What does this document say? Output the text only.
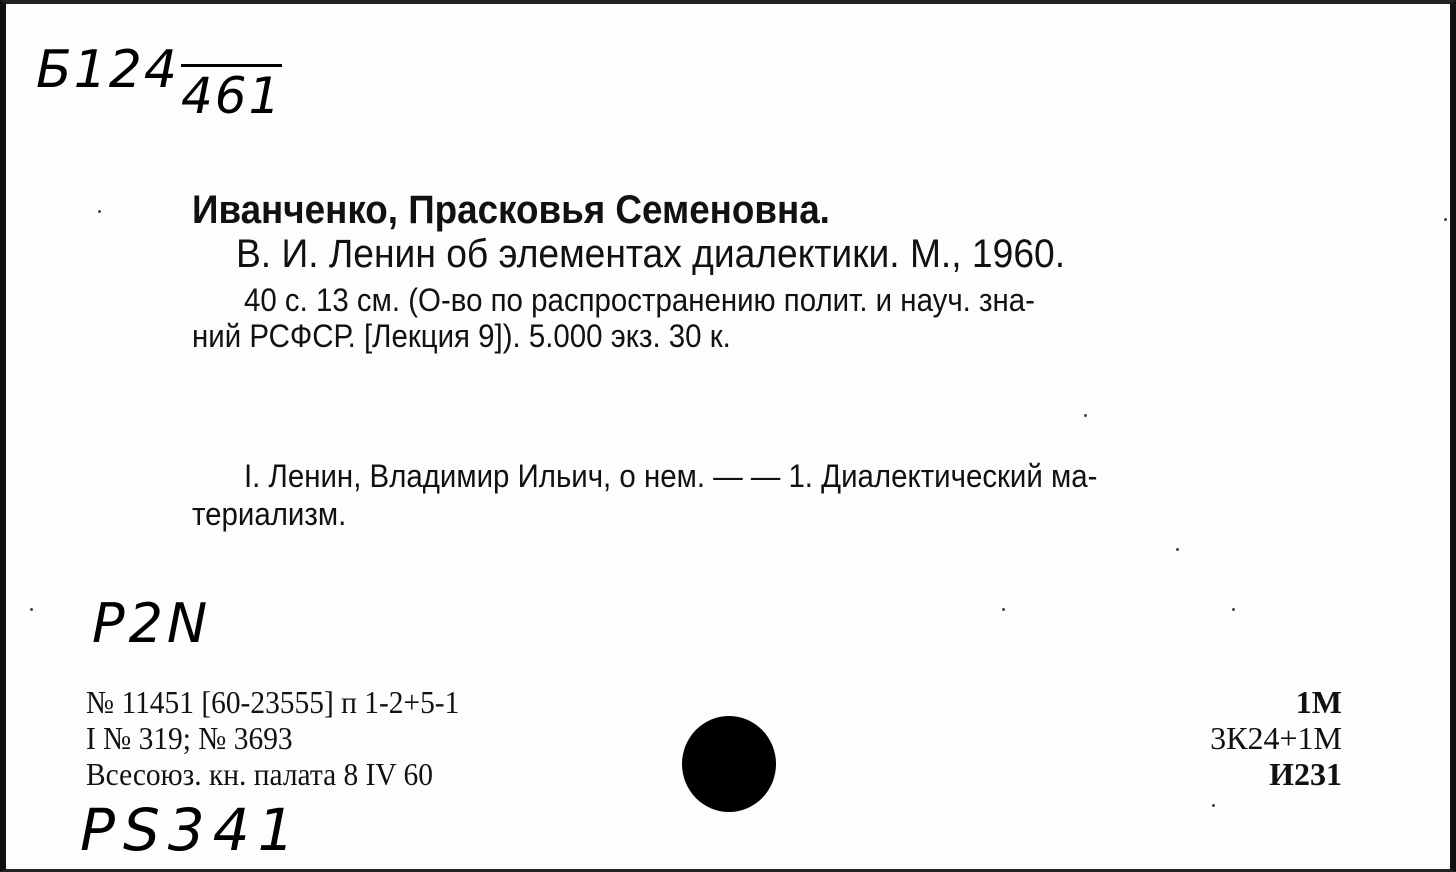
Б124461
Иванченко, Прасковья Семеновна.
В. И. Ленин об элементах диалектики. М., 1960.
40 с. 13 см. (О-во по распространению полит. и науч. зна-
ний РСФСР. [Лекция 9]). 5.000 экз. 30 к.
I. Ленин, Владимир Ильич, о нем. — — 1. Диалектический ма-
териализм.
P2N
№ 11451 [60-23555] п 1-2+5-1
I № 319; № 3693
Всесоюз. кн. палата 8 IV 60
1М
3К24+1М
И231
PS341
